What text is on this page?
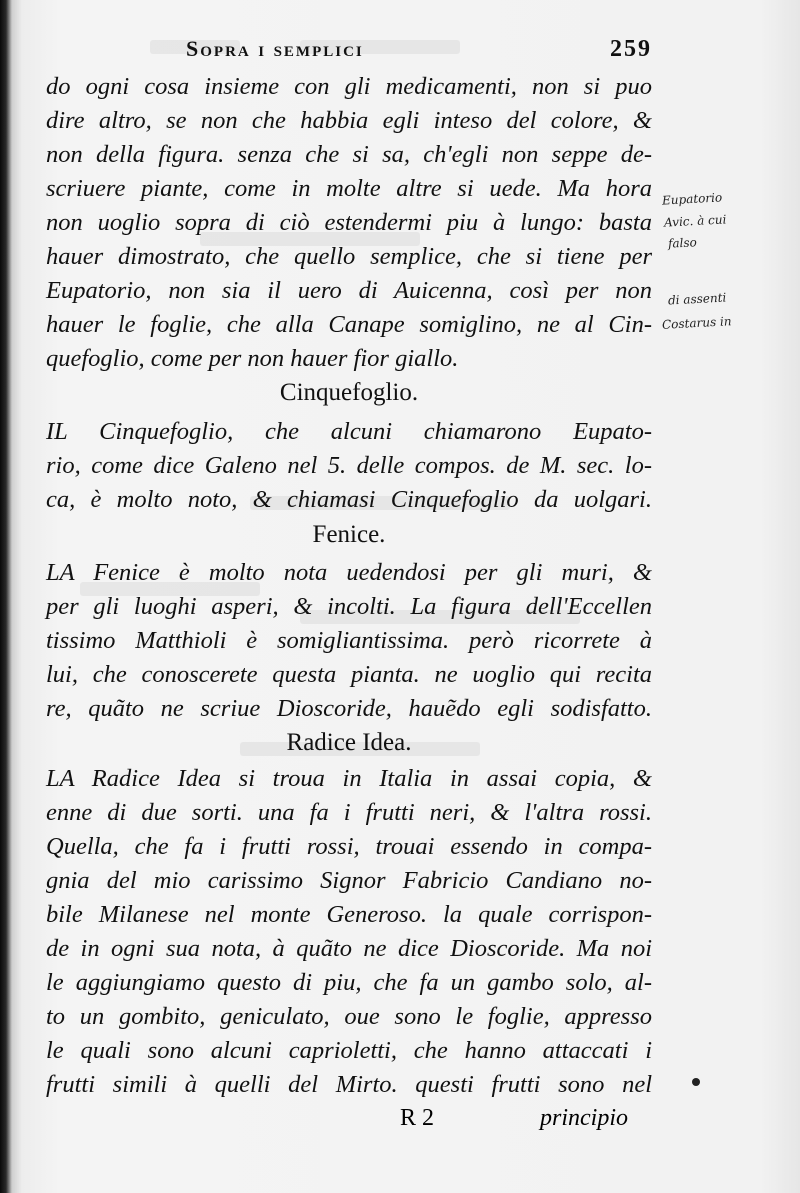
Sopra i semplici	259
do ogni cosa insieme con gli medicamenti, non si puo
dire altro, se non che habbia egli inteso del colore, &
non della figura. senza che si sa, ch'egli non seppe de-
scriuere piante, come in molte altre si uede. Ma hora
non uoglio sopra di ciò estendermi piu à lungo: basta
hauer dimostrato, che quello semplice, che si tiene per
Eupatorio, non sia il uero di Auicenna, così per non
hauer le foglie, che alla Canape somiglino, ne al Cin-
quefoglio, come per non hauer fior giallo.
Cinquefoglio.
IL Cinquefoglio, che alcuni chiamarono Eupato-
rio, come dice Galeno nel 5. delle compos. de M. sec. lo-
ca, è molto noto, & chiamasi Cinquefoglio da uolgari.
Fenice.
LA Fenice è molto nota uedendosi per gli muri, &
per gli luoghi asperi, & incolti. La figura dell'Eccellen
tissimo Matthioli è somigliantissima. però ricorrete à
lui, che conoscerete questa pianta. ne uoglio qui recita
re, quãto ne scriue Dioscoride, hauẽdo egli sodisfatto.
Radice Idea.
LA Radice Idea si troua in Italia in assai copia, &
enne di due sorti. una fa i frutti neri, & l'altra rossi.
Quella, che fa i frutti rossi, trouai essendo in compa-
gnia del mio carissimo Signor Fabricio Candiano no-
bile Milanese nel monte Generoso. la quale corrispon-
de in ogni sua nota, à quãto ne dice Dioscoride. Ma noi
le aggiungiamo questo di piu, che fa un gambo solo, al-
to un gombito, geniculato, oue sono le foglie, appresso
le quali sono alcuni caprioletti, che hanno attaccati i
frutti simili à quelli del Mirto. questi frutti sono nel
R 2	principio
Eupatorio
Avic. à cui
falso
di assenti
Costarus in
